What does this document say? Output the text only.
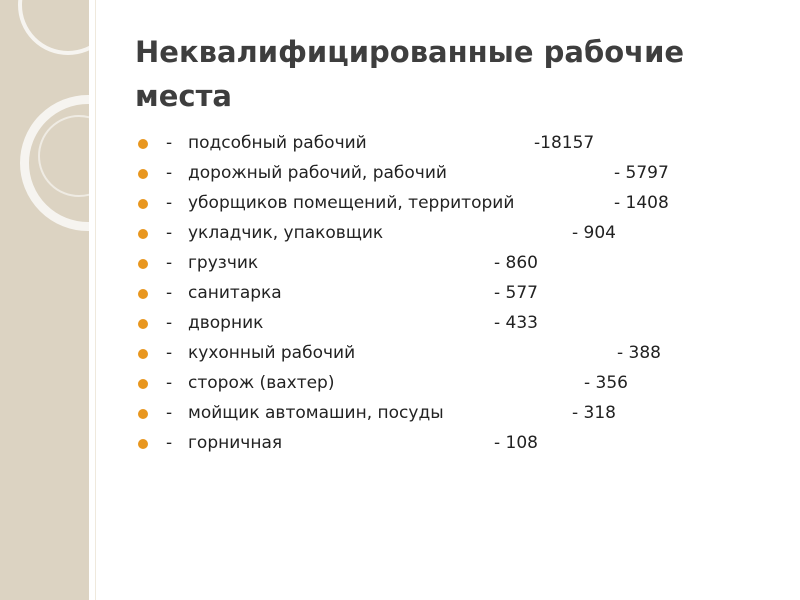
Неквалифицированные рабочие места
- подсобный рабочий	-18157
- дорожный рабочий, рабочий	- 5797
- уборщиков помещений, территорий	- 1408
- укладчик, упаковщик	- 904
- грузчик	- 860
- санитарка	- 577
- дворник	- 433
- кухонный рабочий	- 388
- сторож (вахтер)	- 356
- мойщик автомашин, посуды	- 318
- горничная	- 108
